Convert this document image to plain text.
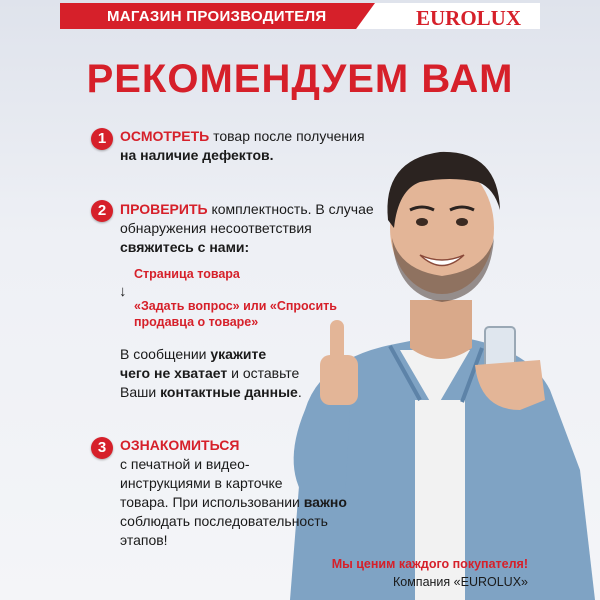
МАГАЗИН ПРОИЗВОДИТЕЛЯ	EUROLUX
РЕКОМЕНДУЕМ ВАМ
1 ОСМОТРЕТЬ товар после получения
на наличие дефектов.
2 ПРОВЕРИТЬ комплектность. В случае
обнаружения несоответствия
свяжитесь с нами:
Страница товара
↓
«Задать вопрос» или «Спросить
продавца о товаре»
В сообщении укажите
чего не хватает и оставьте
Ваши контактные данные.
3 ОЗНАКОМИТЬСЯ
с печатной и видео-
инструкциями в карточке
товара. При использовании важно
соблюдать последовательность
этапов!
Мы ценим каждого покупателя!
Компания «EUROLUX»
